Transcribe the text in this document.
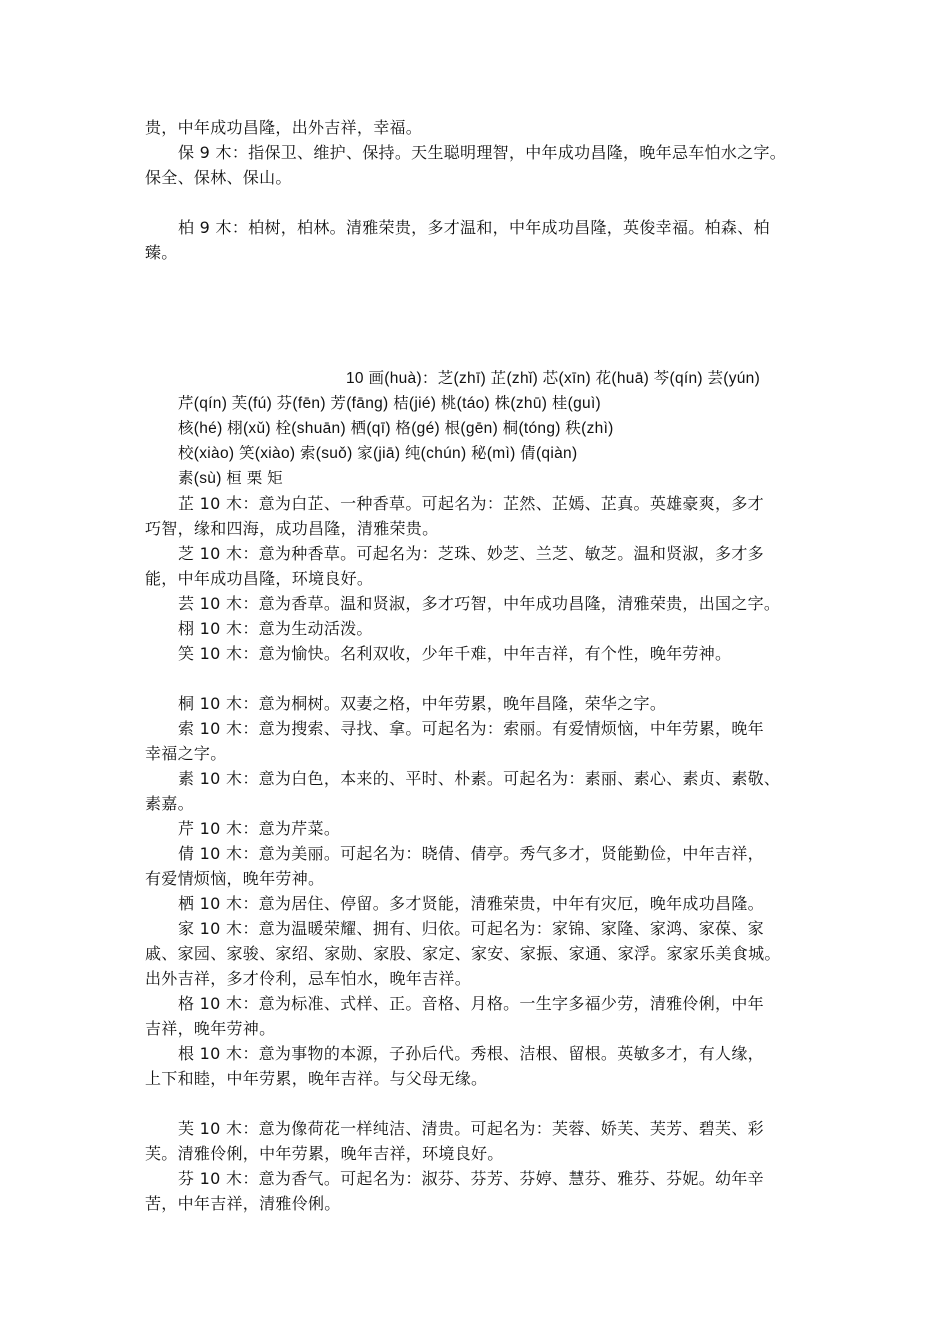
贵，中年成功昌隆，出外吉祥，幸福。
保 9 木：指保卫、维护、保持。天生聪明理智，中年成功昌隆，晚年忌车怕水之字。
保全、保林、保山。
柏 9 木：柏树，柏林。清雅荣贵，多才温和，中年成功昌隆，英俊幸福。柏森、柏
臻。
10 画(huà)：芝(zhī) 芷(zhǐ) 芯(xīn) 花(huā) 芩(qín) 芸(yún)
芹(qín) 芙(fú) 芬(fēn) 芳(fāng) 桔(jié) 桃(táo) 株(zhū) 桂(guì)
核(hé) 栩(xǔ) 栓(shuān) 栖(qī) 格(gé) 根(gēn) 桐(tóng) 秩(zhì)
校(xiào) 笑(xiào) 索(suǒ) 家(jiā) 纯(chún) 秘(mì) 倩(qiàn)
素(sù) 桓 栗 矩
芷 10 木：意为白芷、一种香草。可起名为：芷然、芷嫣、芷真。英雄豪爽，多才
巧智，缘和四海，成功昌隆，清雅荣贵。
芝 10 木：意为种香草。可起名为：芝珠、妙芝、兰芝、敏芝。温和贤淑，多才多
能，中年成功昌隆，环境良好。
芸 10 木：意为香草。温和贤淑，多才巧智，中年成功昌隆，清雅荣贵，出国之字。
栩 10 木：意为生动活泼。
笑 10 木：意为愉快。名利双收，少年千难，中年吉祥，有个性，晚年劳神。
桐 10 木：意为桐树。双妻之格，中年劳累，晚年昌隆，荣华之字。
索 10 木：意为搜索、寻找、拿。可起名为：索丽。有爱情烦恼，中年劳累，晚年
幸福之字。
素 10 木：意为白色，本来的、平时、朴素。可起名为：素丽、素心、素贞、素敬、
素嘉。
芹 10 木：意为芹菜。
倩 10 木：意为美丽。可起名为：晓倩、倩亭。秀气多才，贤能勤俭，中年吉祥，
有爱情烦恼，晚年劳神。
栖 10 木：意为居住、停留。多才贤能，清雅荣贵，中年有灾厄，晚年成功昌隆。
家 10 木：意为温暖荣耀、拥有、归依。可起名为：家锦、家隆、家鸿、家葆、家
戚、家园、家骏、家绍、家勋、家股、家定、家安、家振、家通、家浮。家家乐美食城。
出外吉祥，多才伶利，忌车怕水，晚年吉祥。
格 10 木：意为标准、式样、正。音格、月格。一生字多福少劳，清雅伶俐，中年
吉祥，晚年劳神。
根 10 木：意为事物的本源，子孙后代。秀根、洁根、留根。英敏多才，有人缘，
上下和睦，中年劳累，晚年吉祥。与父母无缘。
芙 10 木：意为像荷花一样纯洁、清贵。可起名为：芙蓉、娇芙、芙芳、碧芙、彩
芙。清雅伶俐，中年劳累，晚年吉祥，环境良好。
芬 10 木：意为香气。可起名为：淑芬、芬芳、芬婷、慧芬、雅芬、芬妮。幼年辛
苦，中年吉祥，清雅伶俐。
